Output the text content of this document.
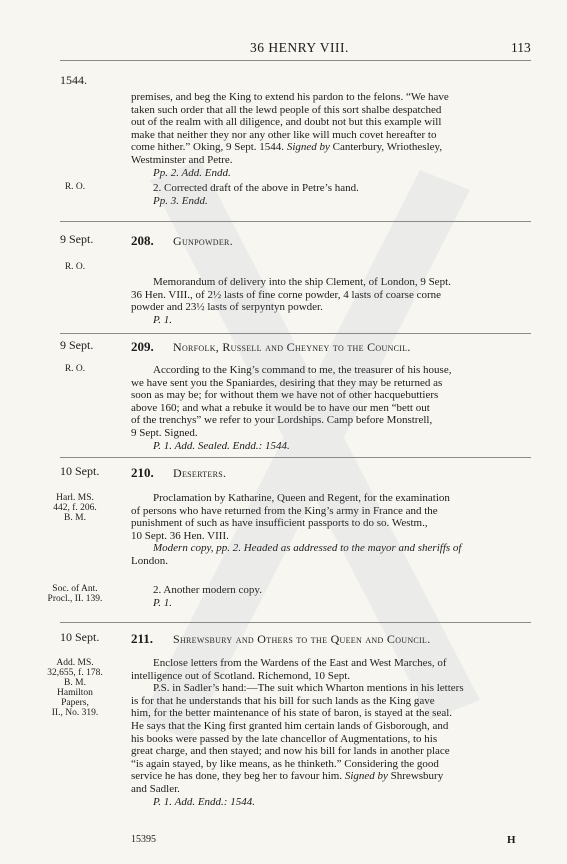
36 HENRY VIII.	113
1544.
premises, and beg the King to extend his pardon to the felons. “We have
taken such order that all the lewd people of this sort shalbe despatched
out of the realm with all diligence, and doubt not but this example will
make that neither they nor any other like will much covet hereafter to
come hither.” Oking, 9 Sept. 1544. Signed by Canterbury, Wriothesley,
Westminster and Petre.
Pp. 2. Add. Endd.
R. O.	2. Corrected draft of the above in Petre’s hand.
Pp. 3. Endd.
9 Sept.	208. Gunpowder.
R. O.
Memorandum of delivery into the ship Clement, of London, 9 Sept.
36 Hen. VIII., of 2½ lasts of fine corne powder, 4 lasts of coarse corne
powder and 23½ lasts of serpyntyn powder.
P. 1.
9 Sept.	209. Norfolk, Russell and Cheyney to the Council.
R. O.	According to the King’s command to me, the treasurer of his house,
we have sent you the Spaniardes, desiring that they may be returned as
soon as may be; for without them we have not of other hacquebuttiers
above 160; and what a rebuke it would be to have our men “bett out
of the trenchys” we refer to your Lordships. Camp before Monstrell,
9 Sept. Signed.
P. 1. Add. Sealed. Endd.: 1544.
10 Sept.	210. Deserters.
Harl. MS.
442, f. 206.
B. M.
Proclamation by Katharine, Queen and Regent, for the examination
of persons who have returned from the King’s army in France and the
punishment of such as have insufficient passports to do so. Westm.,
10 Sept. 36 Hen. VIII.
Modern copy, pp. 2. Headed as addressed to the mayor and sheriffs of
London.
Soc. of Ant.
Procl., II. 139.
2. Another modern copy.
P. 1.
10 Sept.	211. Shrewsbury and Others to the Queen and Council.
Add. MS.
32,655, f. 178.
B. M.
Hamilton
Papers,
II., No. 319.
Enclose letters from the Wardens of the East and West Marches, of
intelligence out of Scotland. Richemond, 10 Sept.
P.S. in Sadler’s hand:—The suit which Wharton mentions in his letters
is for that he understands that his bill for such lands as the King gave
him, for the better maintenance of his state of baron, is stayed at the seal.
He says that the King first granted him certain lands of Gisborough, and
his books were passed by the late chancellor of Augmentations, to his
great charge, and then stayed; and now his bill for lands in another place
“is again stayed, by like means, as he thinketh.” Considering the good
service he has done, they beg her to favour him. Signed by Shrewsbury
and Sadler.
P. 1. Add. Endd.: 1544.
15395	H
